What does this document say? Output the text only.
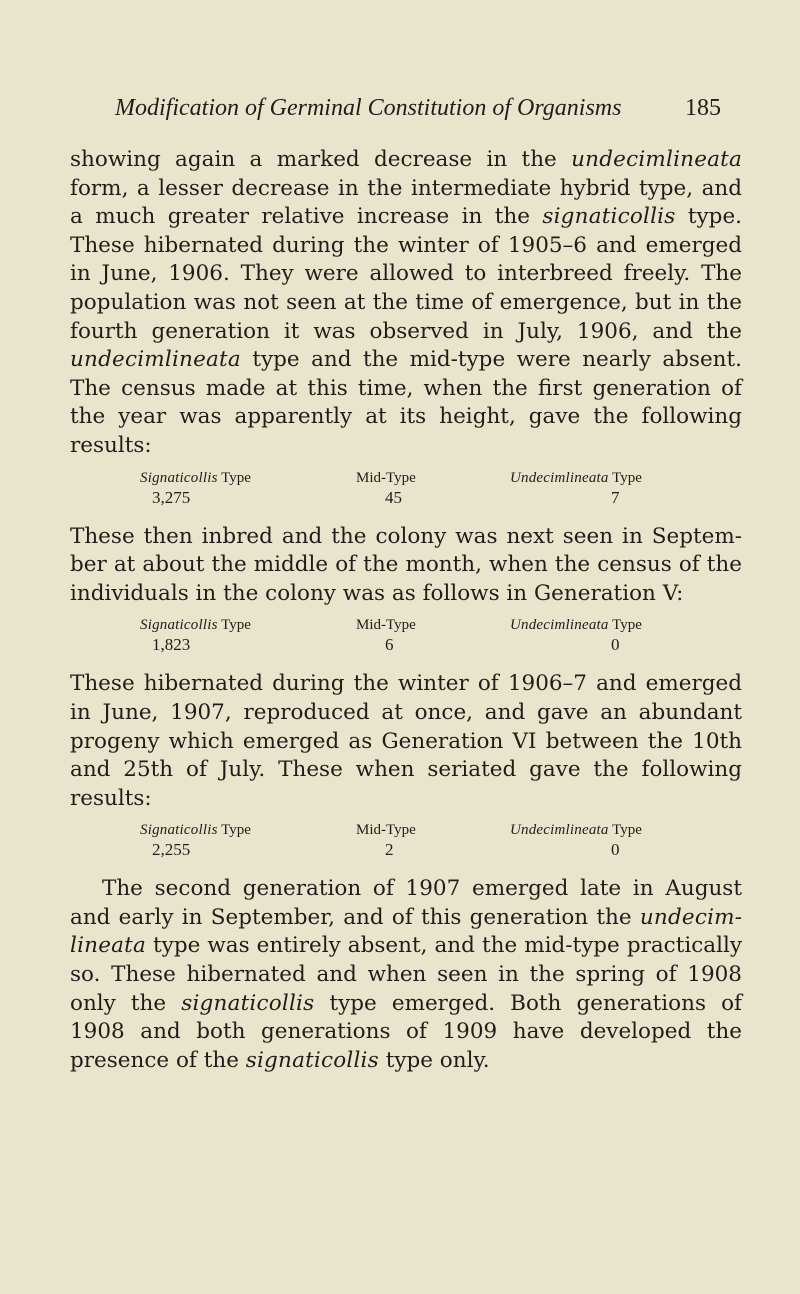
Modification of Germinal Constitution of Organisms	185

showing again a marked decrease in the undecimlineata form, a lesser decrease in the intermediate hybrid type, and a much greater relative increase in the signaticollis type. These hibernated during the winter of 1905–6 and emerged in June, 1906. They were allowed to interbreed freely. The population was not seen at the time of emergence, but in the fourth generation it was observed in July, 1906, and the undecimlineata type and the mid-type were nearly absent. The census made at this time, when the first generation of the year was apparently at its height, gave the following results:

Signaticollis Type	Mid-Type	Undecimlineata Type
3,275	45	7

These then inbred and the colony was next seen in September at about the middle of the month, when the census of the individuals in the colony was as follows in Generation V:

Signaticollis Type	Mid-Type	Undecimlineata Type
1,823	6	0

These hibernated during the winter of 1906–7 and emerged in June, 1907, reproduced at once, and gave an abundant progeny which emerged as Generation VI between the 10th and 25th of July. These when seriated gave the following results:

Signaticollis Type	Mid-Type	Undecimlineata Type
2,255	2	0

The second generation of 1907 emerged late in August and early in September, and of this generation the undecimlineata type was entirely absent, and the mid-type practically so. These hibernated and when seen in the spring of 1908 only the signaticollis type emerged. Both generations of 1908 and both generations of 1909 have developed the presence of the signaticollis type only.
